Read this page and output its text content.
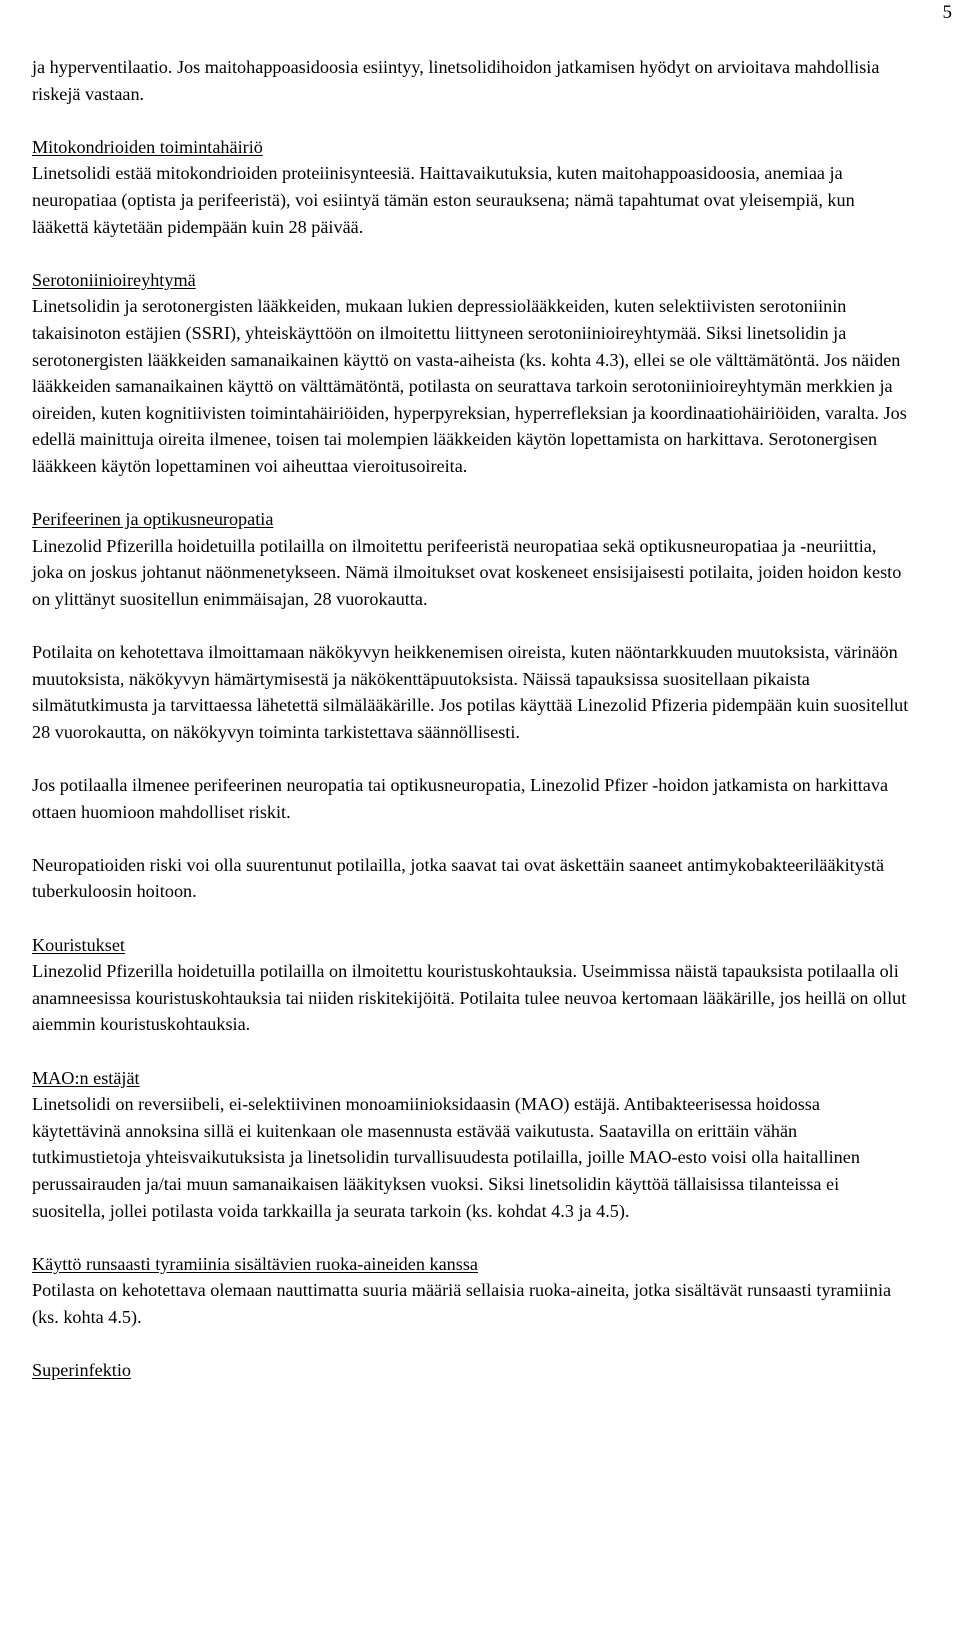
5
ja hyperventilaatio. Jos maitohappoasidoosia esiintyy, linetsolidihoidon jatkamisen hyödyt on arvioitava mahdollisia riskejä vastaan.
Mitokondrioiden toimintahäiriö
Linetsolidi estää mitokondrioiden proteiinisynteesiä. Haittavaikutuksia, kuten maitohappoasidoosia, anemiaa ja neuropatiaa (optista ja perifeeristä), voi esiintyä tämän eston seurauksena; nämä tapahtumat ovat yleisempiä, kun lääkettä käytetään pidempään kuin 28 päivää.
Serotoniinioireyhtymä
Linetsolidin ja serotonergisten lääkkeiden, mukaan lukien depressiolääkkeiden, kuten selektiivisten serotoniinin takaisinoton estäjien (SSRI), yhteiskäyttöön on ilmoitettu liittyneen serotoniinioireyhtymää. Siksi linetsolidin ja serotonergisten lääkkeiden samanaikainen käyttö on vasta-aiheista (ks. kohta 4.3), ellei se ole välttämätöntä. Jos näiden lääkkeiden samanaikainen käyttö on välttämätöntä, potilasta on seurattava tarkoin serotoniinioireyhtymän merkkien ja oireiden, kuten kognitiivisten toimintahäiriöiden, hyperpyreksian, hyperrefleksian ja koordinaatiohäiriöiden, varalta. Jos edellä mainittuja oireita ilmenee, toisen tai molempien lääkkeiden käytön lopettamista on harkittava. Serotonergisen lääkkeen käytön lopettaminen voi aiheuttaa vieroitusoireita.
Perifeerinen ja optikusneuropatia
Linezolid Pfizerilla hoidetuilla potilailla on ilmoitettu perifeeristä neuropatiaa sekä optikusneuropatiaa ja -neuriittia, joka on joskus johtanut näönmenetykseen. Nämä ilmoitukset ovat koskeneet ensisijaisesti potilaita, joiden hoidon kesto on ylittänyt suositellun enimmäisajan, 28 vuorokautta.
Potilaita on kehotettava ilmoittamaan näkökyvyn heikkenemisen oireista, kuten näöntarkkuuden muutoksista, värinäön muutoksista, näkökyvyn hämärtymisestä ja näkökenttäpuutoksista. Näissä tapauksissa suositellaan pikaista silmätutkimusta ja tarvittaessa lähetettä silmälääkärille. Jos potilas käyttää Linezolid Pfizeria pidempään kuin suositellut 28 vuorokautta, on näkökyvyn toiminta tarkistettava säännöllisesti.
Jos potilaalla ilmenee perifeerinen neuropatia tai optikusneuropatia, Linezolid Pfizer -hoidon jatkamista on harkittava ottaen huomioon mahdolliset riskit.
Neuropatioiden riski voi olla suurentunut potilailla, jotka saavat tai ovat äskettäin saaneet antimykobakteerilääkitystä tuberkuloosin hoitoon.
Kouristukset
Linezolid Pfizerilla hoidetuilla potilailla on ilmoitettu kouristuskohtauksia. Useimmissa näistä tapauksista potilaalla oli anamneesissa kouristuskohtauksia tai niiden riskitekijöitä. Potilaita tulee neuvoa kertomaan lääkärille, jos heillä on ollut aiemmin kouristuskohtauksia.
MAO:n estäjät
Linetsolidi on reversiibeli, ei-selektiivinen monoamiinioksidaasin (MAO) estäjä. Antibakteerisessa hoidossa käytettävinä annoksina sillä ei kuitenkaan ole masennusta estävää vaikutusta. Saatavilla on erittäin vähän tutkimustietoja yhteisvaikutuksista ja linetsolidin turvallisuudesta potilailla, joille MAO-esto voisi olla haitallinen perussairauden ja/tai muun samanaikaisen lääkityksen vuoksi. Siksi linetsolidin käyttöä tällaisissa tilanteissa ei suositella, jollei potilasta voida tarkkailla ja seurata tarkoin (ks. kohdat 4.3 ja 4.5).
Käyttö runsaasti tyramiinia sisältävien ruoka-aineiden kanssa
Potilasta on kehotettava olemaan nauttimatta suuria määriä sellaisia ruoka-aineita, jotka sisältävät runsaasti tyramiinia (ks. kohta 4.5).
Superinfektio
